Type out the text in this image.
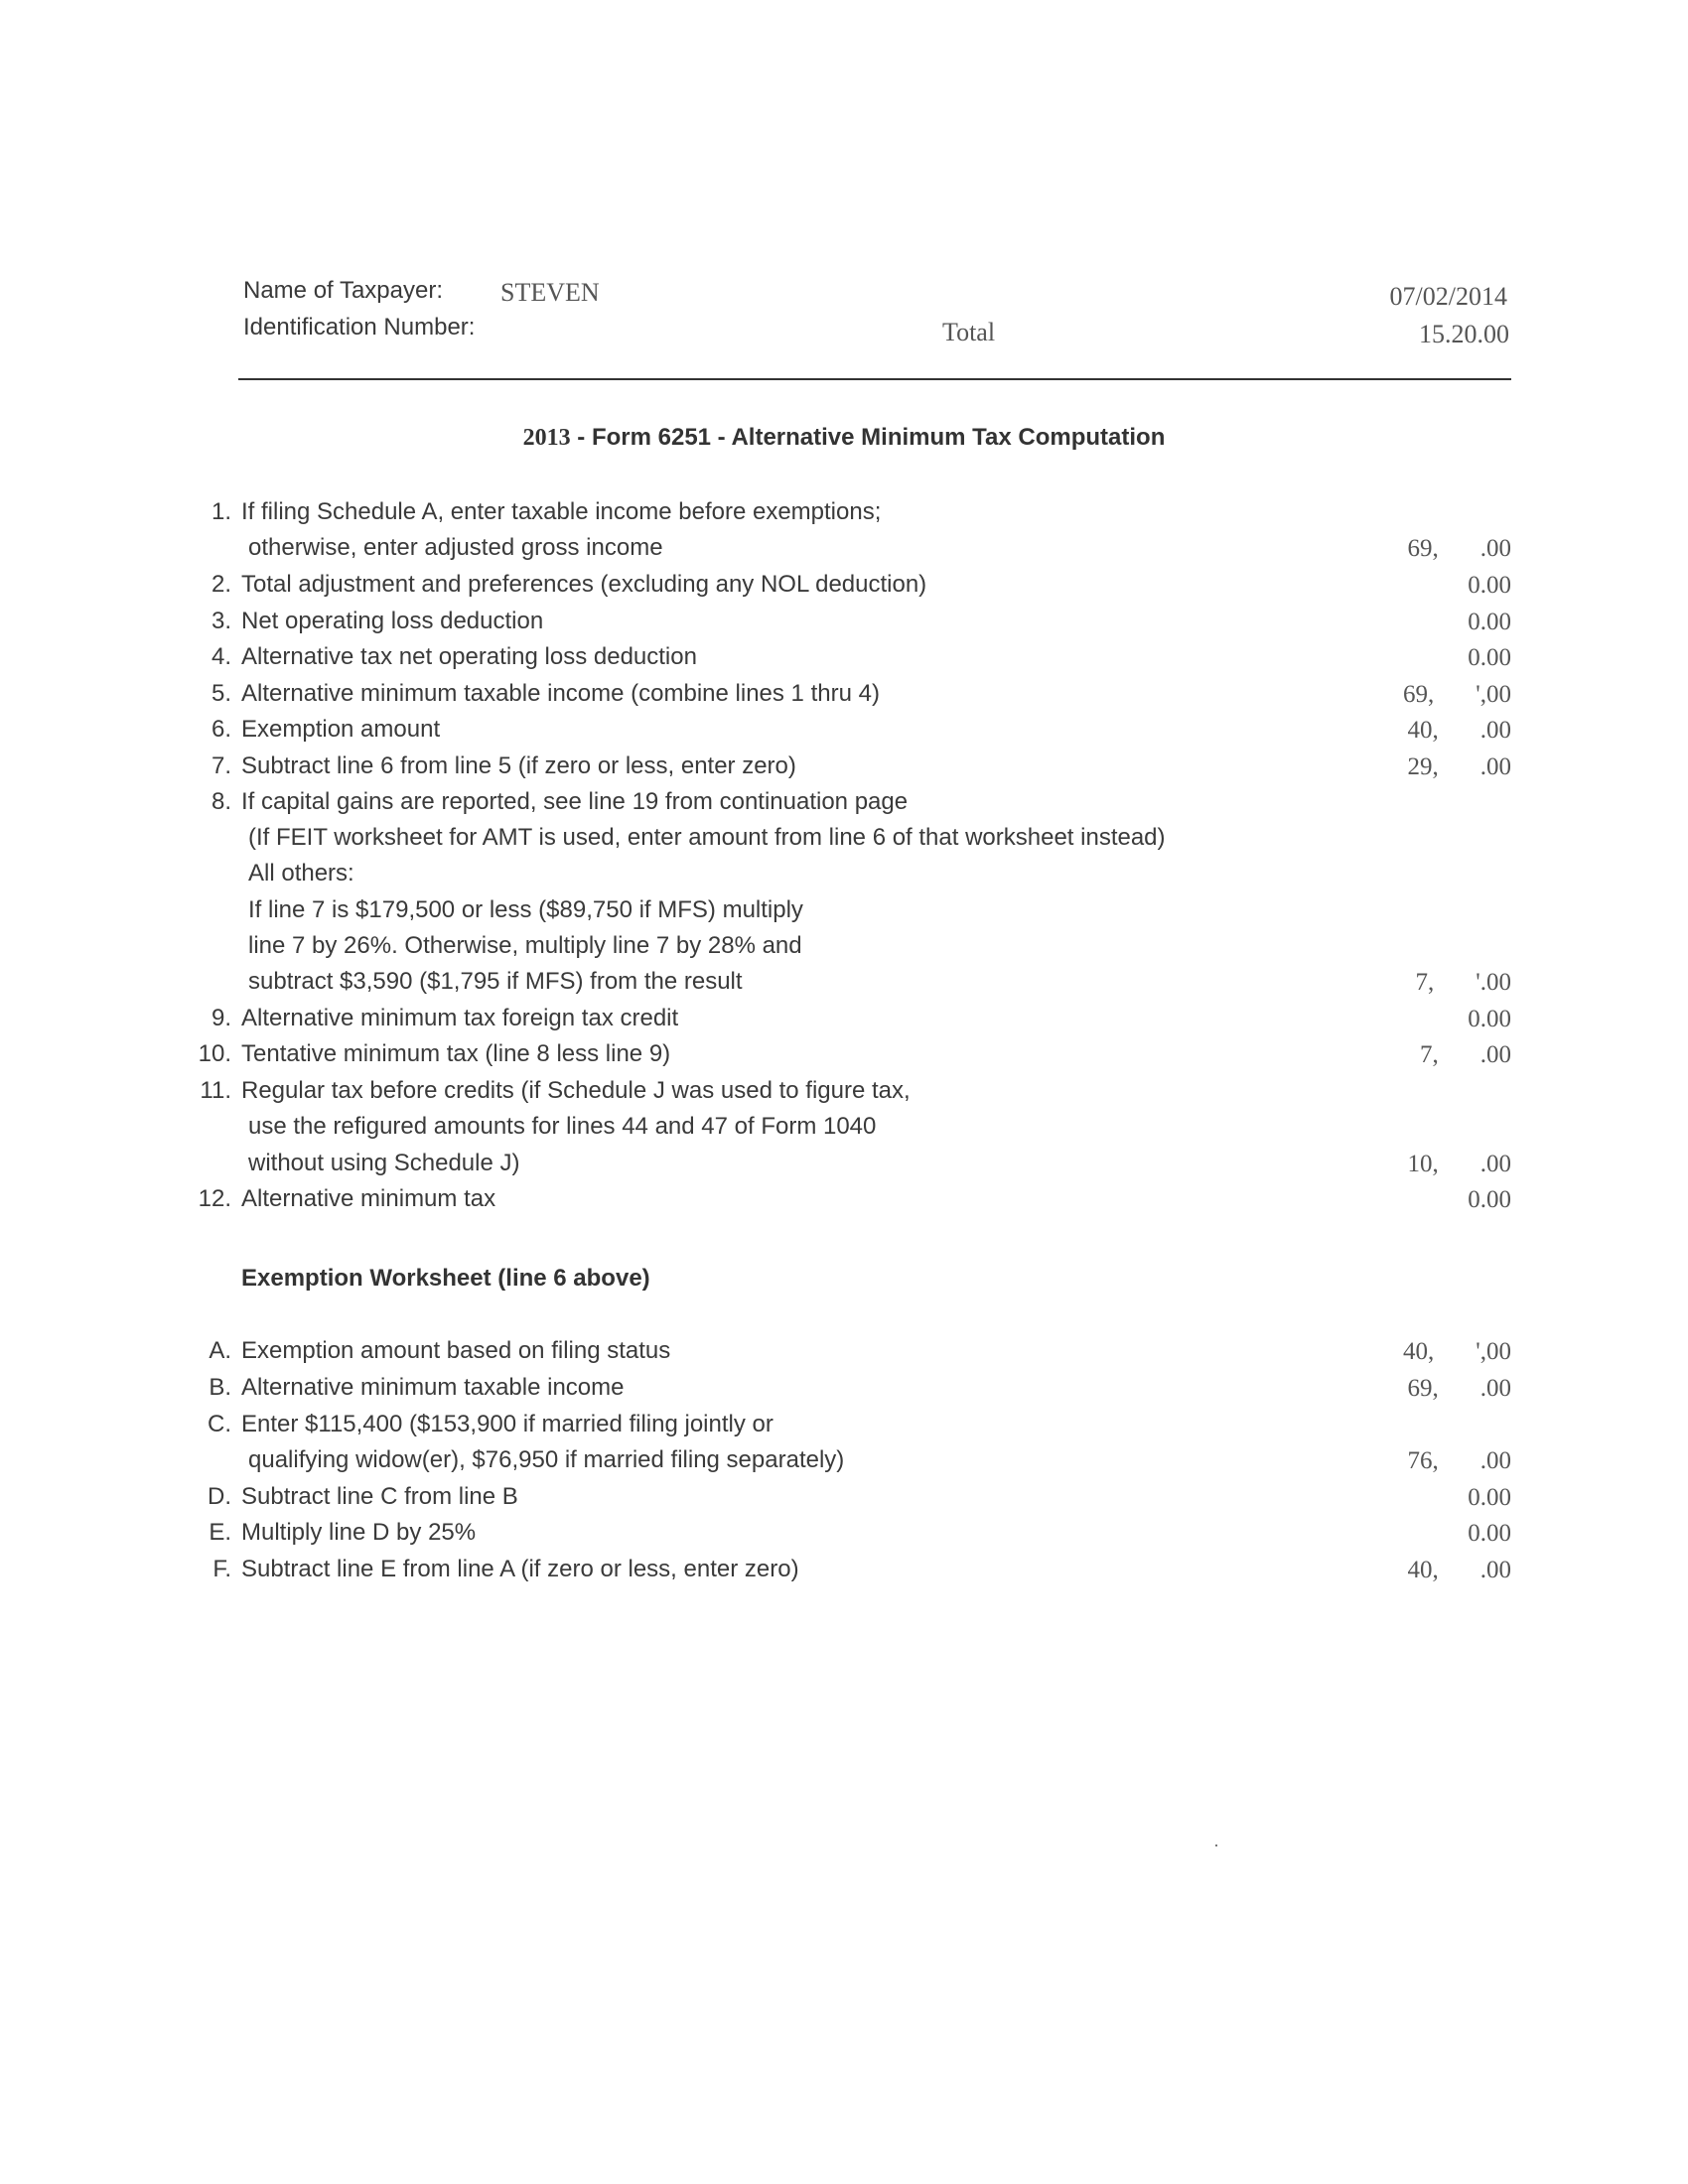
Name of Taxpayer: STEVEN
Identification Number:	Total
07/02/2014
15.20.00
2013 - Form 6251 - Alternative Minimum Tax Computation
1. If filing Schedule A, enter taxable income before exemptions;
otherwise, enter adjusted gross income	69, .00
2. Total adjustment and preferences (excluding any NOL deduction)	0.00
3. Net operating loss deduction	0.00
4. Alternative tax net operating loss deduction	0.00
5. Alternative minimum taxable income (combine lines 1 thru 4)	69, ',00
6. Exemption amount	40, .00
7. Subtract line 6 from line 5 (if zero or less, enter zero)	29, .00
8. If capital gains are reported, see line 19 from continuation page
(If FEIT worksheet for AMT is used, enter amount from line 6 of that worksheet instead)
All others:
If line 7 is $179,500 or less ($89,750 if MFS) multiply
line 7 by 26%. Otherwise, multiply line 7 by 28% and
subtract $3,590 ($1,795 if MFS) from the result	7, '.00
9. Alternative minimum tax foreign tax credit	0.00
10. Tentative minimum tax (line 8 less line 9)	7, .00
11. Regular tax before credits (if Schedule J was used to figure tax,
use the refigured amounts for lines 44 and 47 of Form 1040
without using Schedule J)	10, .00
12. Alternative minimum tax	0.00
Exemption Worksheet (line 6 above)
A. Exemption amount based on filing status	40, ',00
B. Alternative minimum taxable income	69, .00
C. Enter $115,400 ($153,900 if married filing jointly or
qualifying widow(er), $76,950 if married filing separately)	76, .00
D. Subtract line C from line B	0.00
E. Multiply line D by 25%	0.00
F. Subtract line E from line A (if zero or less, enter zero)	40, .00
